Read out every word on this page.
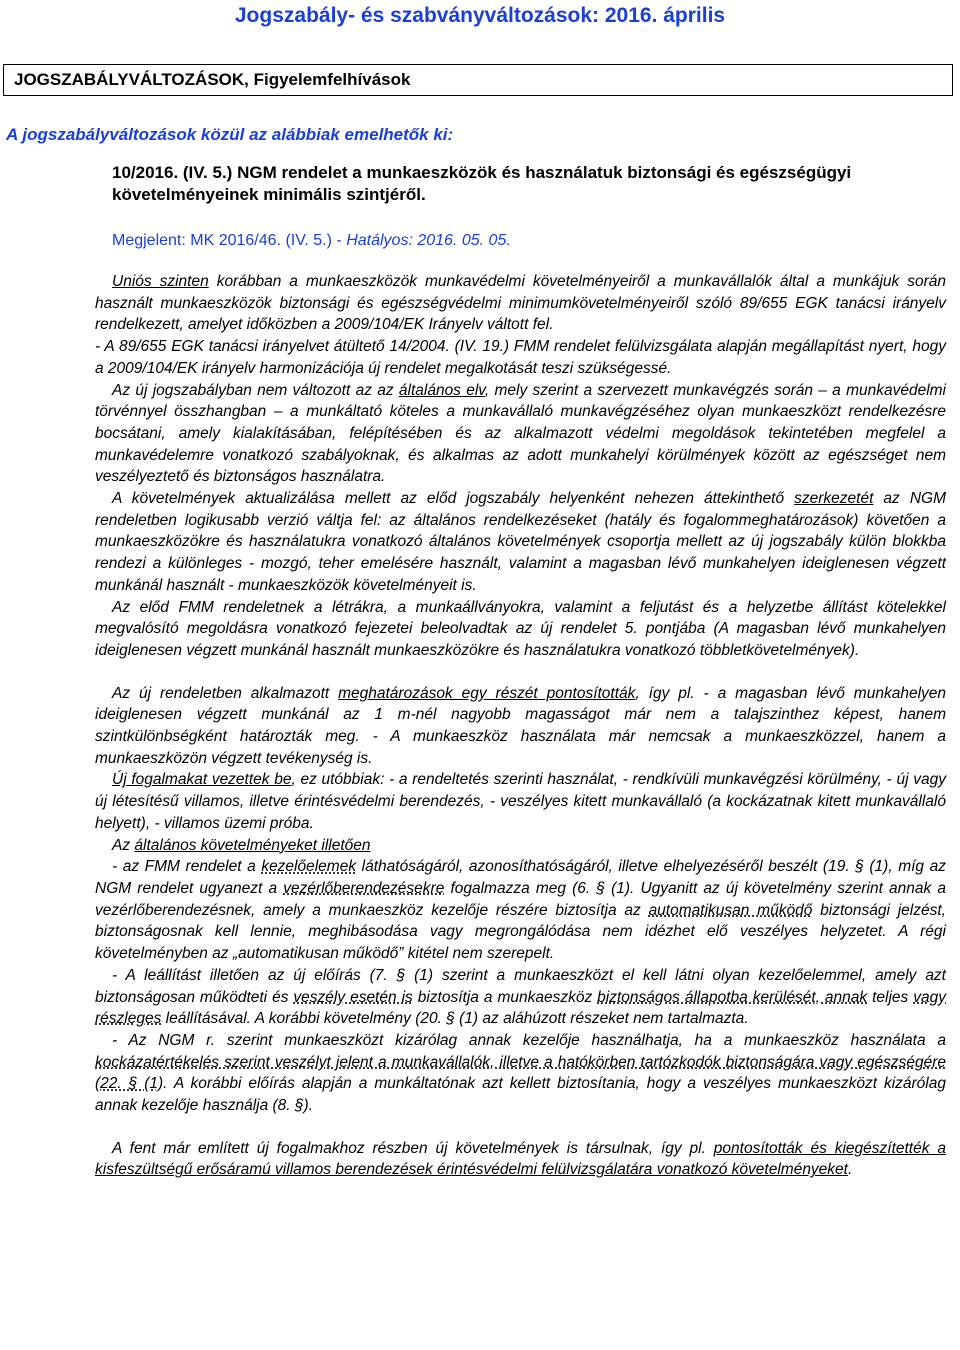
Jogszabály- és szabványváltozások: 2016. április
JOGSZABÁLYVÁLTOZÁSOK, Figyelemfelhívások
A jogszabályváltozások közül az alábbiak emelhetők ki:
10/2016. (IV. 5.) NGM rendelet a munkaeszközök és használatuk biztonsági és egészségügyi követelményeinek minimális szintjéről.
Megjelent: MK 2016/46. (IV. 5.) - Hatályos: 2016. 05. 05.

Uniós szinten korábban a munkaeszközök munkavédelmi követelményeiről a munkavállalók által a munkájuk során használt munkaeszközök biztonsági és egészségvédelmi minimumkövetelményeiről szóló 89/655 EGK tanácsi irányelv rendelkezett, amelyet időközben a 2009/104/EK Irányelv váltott fel.

- A 89/655 EGK tanácsi irányelvet átültető 14/2004. (IV. 19.) FMM rendelet felülvizsgálata alapján megállapítást nyert, hogy a 2009/104/EK irányelv harmonizációja új rendelet megalkotását teszi szükségessé.

Az új jogszabályban nem változott az az általános elv, mely szerint a szervezett munkavégzés során – a munkavédelmi törvénnyel összhangban – a munkáltató köteles a munkavállaló munkavégzéséhez olyan munkaeszközt rendelkezésre bocsátani, amely kialakításában, felépítésében és az alkalmazott védelmi megoldások tekintetében megfelel a munkavédelemre vonatkozó szabályoknak, és alkalmas az adott munkahelyi körülmények között az egészséget nem veszélyeztető és biztonságos használatra.

A követelmények aktualizálása mellett az előd jogszabály helyenként nehezen áttekinthető szerkezetét az NGM rendeletben logikusabb verzió váltja fel: az általános rendelkezéseket (hatály és fogalommeghatározások) követően a munkaeszközökre és használatukra vonatkozó általános követelmények csoportja mellett az új jogszabály külön blokkba rendezi a különleges - mozgó, teher emelésére használt, valamint a magasban lévő munkahelyen ideiglenesen végzett munkánál használt - munkaeszközök követelményeit is.

Az előd FMM rendeletnek a létrákra, a munkaállványokra, valamint a feljutást és a helyzetbe állítást kötelekkel megvalósító megoldásra vonatkozó fejezetei beleolvadtak az új rendelet 5. pontjába (A magasban lévő munkahelyen ideiglenesen végzett munkánál használt munkaeszközökre és használatukra vonatkozó többletkövetelmények).

Az új rendeletben alkalmazott meghatározások egy részét pontosították, így pl. - a magasban lévő munkahelyen ideiglenesen végzett munkánál az 1 m-nél nagyobb magasságot már nem a talajszinthez képest, hanem szintkülönbségként határozták meg. - A munkaeszköz használata már nemcsak a munkaeszközzel, hanem a munkaeszközön végzett tevékenység is.

Új fogalmakat vezettek be, ez utóbbiak: - a rendeltetés szerinti használat, - rendkívüli munkavégzési körülmény, - új vagy új létesítésű villamos, illetve érintésvédelmi berendezés, - veszélyes kitett munkavállaló (a kockázatnak kitett munkavállaló helyett), - villamos üzemi próba.

Az általános követelményeket illetően

- az FMM rendelet a kezelőelemek láthatóságáról, azonosíthatóságáról, illetve elhelyezéséről beszélt (19. § (1), míg az NGM rendelet ugyanezt a vezérlőberendezésekre fogalmazza meg (6. § (1). Ugyanitt az új követelmény szerint annak a vezérlőberendezésnek, amely a munkaeszköz kezelője részére biztosítja az automatikusan működő biztonsági jelzést, biztonságosnak kell lennie, meghibásodása vagy megrongálódása nem idézhet elő veszélyes helyzetet. A régi követelményben az „automatikusan működő” kitétel nem szerepelt.

- A leállítást illetően az új előírás (7. § (1) szerint a munkaeszközt el kell látni olyan kezelőelemmel, amely azt biztonságosan működteti és veszély esetén is biztosítja a munkaeszköz biztonságos állapotba kerülését, annak teljes vagy részleges leállításával. A korábbi követelmény (20. § (1) az aláhúzott részeket nem tartalmazta.

- Az NGM r. szerint munkaeszközt kizárólag annak kezelője használhatja, ha a munkaeszköz használata a kockázatértékelés szerint veszélyt jelent a munkavállalók, illetve a hatókörben tartózkodók biztonságára vagy egészségére (22. § (1). A korábbi előírás alapján a munkáltatónak azt kellett biztosítania, hogy a veszélyes munkaeszközt kizárólag annak kezelője használja (8. §).

A fent már említett új fogalmakhoz részben új követelmények is társulnak, így pl. pontosították és kiegészítették a kisfeszültségű erősáramú villamos berendezések érintésvédelmi felülvizsgálatára vonatkozó követelményeket.
